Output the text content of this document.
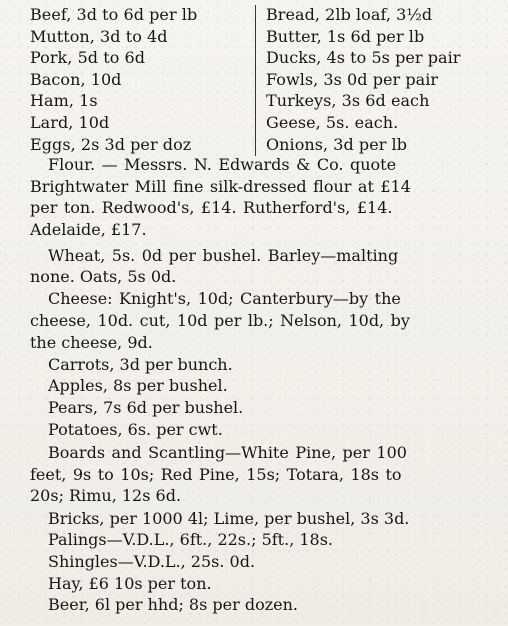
Beef, 3d to 6d per lb
Mutton, 3d to 4d
Pork, 5d to 6d
Bacon, 10d
Ham, 1s
Lard, 10d
Eggs, 2s 3d per doz
Bread, 2lb loaf, 3½d
Butter, 1s 6d per lb
Ducks, 4s to 5s per pair
Fowls, 3s 0d per pair
Turkeys, 3s 6d each
Geese, 5s. each.
Onions, 3d per lb
Flour. — Messrs. N. Edwards & Co. quote
Brightwater Mill fine silk-dressed flour at £14
per ton. Redwood's, £14. Rutherford's, £14.
Adelaide, £17.
Wheat, 5s. 0d per bushel. Barley—malting
none. Oats, 5s 0d.
Cheese: Knight's, 10d; Canterbury—by the
cheese, 10d. cut, 10d per lb.; Nelson, 10d, by
the cheese, 9d.
Carrots, 3d per bunch.
Apples, 8s per bushel.
Pears, 7s 6d per bushel.
Potatoes, 6s. per cwt.
Boards and Scantling—White Pine, per 100
feet, 9s to 10s; Red Pine, 15s; Totara, 18s to
20s; Rimu, 12s 6d.
Bricks, per 1000 4l; Lime, per bushel, 3s 3d.
Palings—V.D.L., 6ft., 22s.; 5ft., 18s.
Shingles—V.D.L., 25s. 0d.
Hay, £6 10s per ton.
Beer, 6l per hhd; 8s per dozen.
